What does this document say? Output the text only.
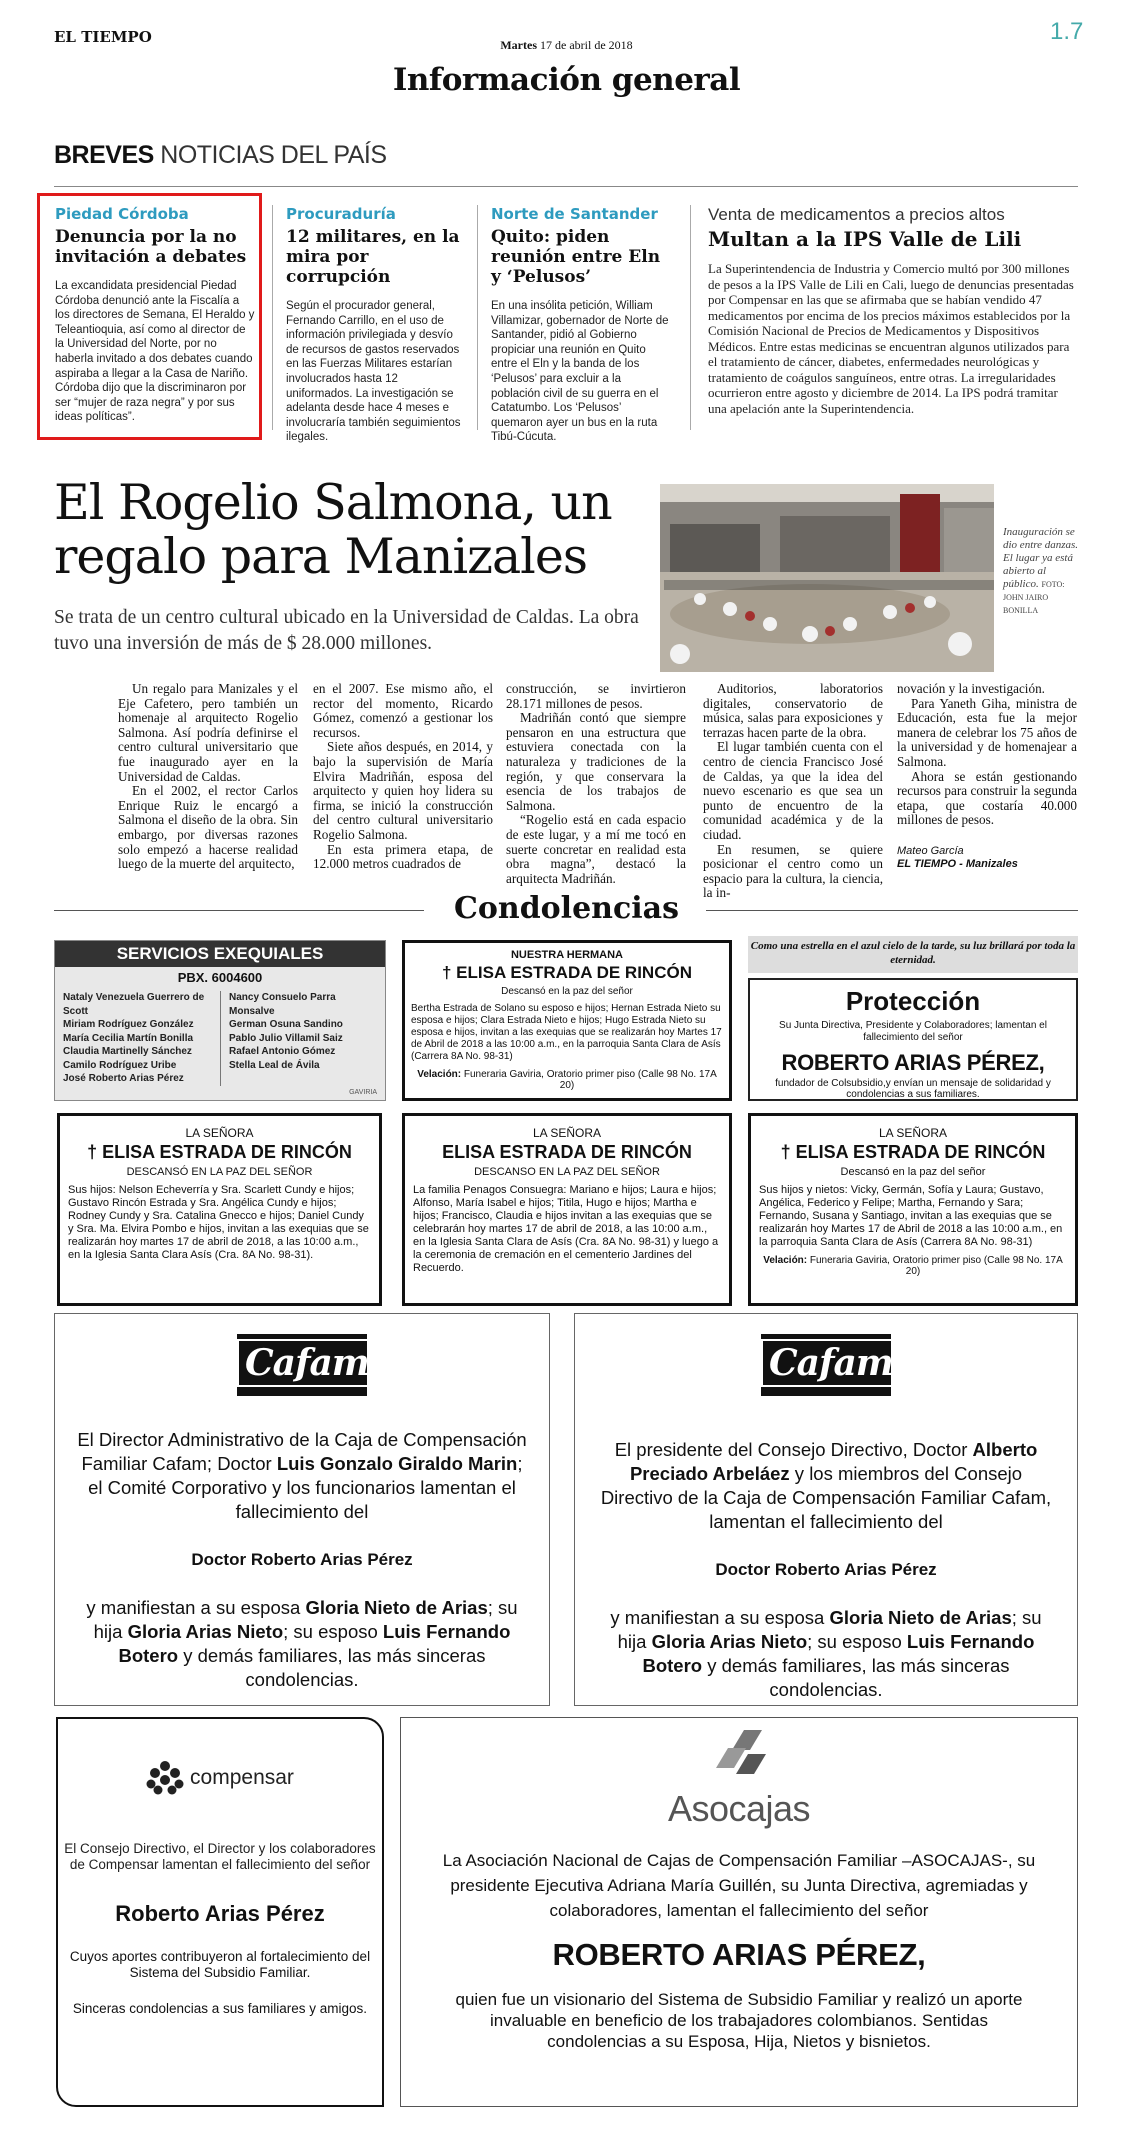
EL TIEMPO	Martes 17 de abril de 2018	1.7
Información general
BREVES NOTICIAS DEL PAÍS
Piedad Córdoba
Denuncia por la no invitación a debates
La excandidata presidencial Piedad Córdoba denunció ante la Fiscalía a los directores de Semana, El Heraldo y Teleantioquia, así como al director de la Universidad del Norte, por no haberla invitado a dos debates cuando aspiraba a llegar a la Casa de Nariño. Córdoba dijo que la discriminaron por ser “mujer de raza negra” y por sus ideas políticas”.
Procuraduría
12 militares, en la mira por corrupción
Según el procurador general, Fernando Carrillo, en el uso de información privilegiada y desvío de recursos de gastos reservados en las Fuerzas Militares estarían involucrados hasta 12 uniformados. La investigación se adelanta desde hace 4 meses e involucraría también seguimientos ilegales.
Norte de Santander
Quito: piden reunión entre Eln y ‘Pelusos’
En una insólita petición, William Villamizar, gobernador de Norte de Santander, pidió al Gobierno propiciar una reunión en Quito entre el Eln y la banda de los ‘Pelusos’ para excluir a la población civil de su guerra en el Catatumbo. Los ‘Pelusos’ quemaron ayer un bus en la ruta Tibú-Cúcuta.
Venta de medicamentos a precios altos
Multan a la IPS Valle de Lili
La Superintendencia de Industria y Comercio multó por 300 millones de pesos a la IPS Valle de Lili en Cali, luego de denuncias presentadas por Compensar en las que se afirmaba que se habían vendido 47 medicamentos por encima de los precios máximos establecidos por la Comisión Nacional de Precios de Medicamentos y Dispositivos Médicos. Entre estas medicinas se encuentran algunos utilizados para el tratamiento de cáncer, diabetes, enfermedades neurológicas y tratamiento de coágulos sanguíneos, entre otras. La irregularidades ocurrieron entre agosto y diciembre de 2014. La IPS podrá tramitar una apelación ante la Superintendencia.
El Rogelio Salmona, un regalo para Manizales
Se trata de un centro cultural ubicado en la Universidad de Caldas. La obra tuvo una inversión de más de $ 28.000 millones.
Inauguración se dio entre danzas. El lugar ya está abierto al público. FOTO: JOHN JAIRO BONILLA

Un regalo para Manizales y el Eje Cafetero, pero también un homenaje al arquitecto Rogelio Salmona. Así podría definirse el centro cultural universitario que fue inaugurado ayer en la Universidad de Caldas.

En el 2002, el rector Carlos Enrique Ruiz le encargó a Salmona el diseño de la obra. Sin embargo, por diversas razones solo empezó a hacerse realidad luego de la muerte del arquitecto,

en el 2007. Ese mismo año, el rector del momento, Ricardo Gómez, comenzó a gestionar los recursos.

Siete años después, en 2014, y bajo la supervisión de María Elvira Madriñán, esposa del arquitecto y quien hoy lidera su firma, se inició la construcción del centro cultural universitario Rogelio Salmona.

En esta primera etapa, de 12.000 metros cuadrados de

construcción, se invirtieron 28.171 millones de pesos.

Madriñán contó que siempre pensaron en una estructura que estuviera conectada con la naturaleza y tradiciones de la región, y que conservara la esencia de los trabajos de Salmona.

“Rogelio está en cada espacio de este lugar, y a mí me tocó en suerte concretar en realidad esta obra magna”, destacó la arquitecta Madriñán.

Auditorios, laboratorios digitales, conservatorio de música, salas para exposiciones y terrazas hacen parte de la obra.

El lugar también cuenta con el centro de ciencia Francisco José de Caldas, ya que la idea del nuevo escenario es que sea un punto de encuentro de la comunidad académica y de la ciudad.

En resumen, se quiere posicionar el centro como un espacio para la cultura, la ciencia, la in-

novación y la investigación.

Para Yaneth Giha, ministra de Educación, esta fue la mejor manera de celebrar los 75 años de la universidad y de homenajear a Salmona.

Ahora se están gestionando recursos para construir la segunda etapa, que costaría 40.000 millones de pesos.

Mateo García
EL TIEMPO - Manizales
Condolencias
SERVICIOS EXEQUIALES
PBX. 6004600
Nataly Venezuela Guerrero de Scott
Miriam Rodríguez González
María Cecilia Martín Bonilla
Claudia Martinelly Sánchez
Camilo Rodríguez Uribe
José Roberto Arias Pérez
Nancy Consuelo Parra Monsalve
German Osuna Sandino
Pablo Julio Villamil Saiz
Rafael Antonio Gómez
Stella Leal de Ávila
GAVIRIA
NUESTRA HERMANA
† ELISA ESTRADA DE RINCÓN
Descansó en la paz del señor
Bertha Estrada de Solano su esposo e hijos; Hernan Estrada Nieto su esposa e hijos; Clara Estrada Nieto e hijos; Hugo Estrada Nieto su esposa e hijos, invitan a las exequias que se realizarán hoy Martes 17 de Abril de 2018 a las 10:00 a.m., en la parroquia Santa Clara de Asís (Carrera 8A No. 98-31)
Velación: Funeraria Gaviria, Oratorio primer piso (Calle 98 No. 17A 20)
Como una estrella en el azul cielo de la tarde, su luz brillará por toda la eternidad.
Protección
Su Junta Directiva, Presidente y Colaboradores; lamentan el fallecimiento del señor
ROBERTO ARIAS PÉREZ,
fundador de Colsubsidio,y envían un mensaje de solidaridad y condolencias a sus familiares.
LA SEÑORA
† ELISA ESTRADA DE RINCÓN
DESCANSÓ EN LA PAZ DEL SEÑOR
Sus hijos: Nelson Echeverría y Sra. Scarlett Cundy e hijos; Gustavo Rincón Estrada y Sra. Angélica Cundy e hijos; Rodney Cundy y Sra. Catalina Gnecco e hijos; Daniel Cundy y Sra. Ma. Elvira Pombo e hijos, invitan a las exequias que se realizarán hoy martes 17 de abril de 2018, a las 10:00 a.m., en la Iglesia Santa Clara Asís (Cra. 8A No. 98-31).
LA SEÑORA
ELISA ESTRADA DE RINCÓN
DESCANSO EN LA PAZ DEL SEÑOR
La familia Penagos Consuegra: Mariano e hijos; Laura e hijos; Alfonso, María Isabel e hijos; Titila, Hugo e hijos; Martha e hijos; Francisco, Claudia e hijos invitan a las exequias que se celebrarán hoy martes 17 de abril de 2018, a las 10:00 a.m., en la Iglesia Santa Clara de Asís (Cra. 8A No. 98-31) y luego a la ceremonia de cremación en el cementerio Jardines del Recuerdo.
LA SEÑORA
† ELISA ESTRADA DE RINCÓN
Descansó en la paz del señor
Sus hijos y nietos: Vicky, Germán, Sofía y Laura; Gustavo, Angélica, Federico y Felipe; Martha, Fernando y Sara; Fernando, Susana y Santiago, invitan a las exequias que se realizarán hoy Martes 17 de Abril de 2018 a las 10:00 a.m., en la parroquia Santa Clara de Asís (Carrera 8A No. 98-31)
Velación: Funeraria Gaviria, Oratorio primer piso (Calle 98 No. 17A 20)
Cafam
El Director Administrativo de la Caja de Compensación Familiar Cafam; Doctor Luis Gonzalo Giraldo Marin; el Comité Corporativo y los funcionarios lamentan el fallecimiento del
Doctor Roberto Arias Pérez
y manifiestan a su esposa Gloria Nieto de Arias; su hija Gloria Arias Nieto; su esposo Luis Fernando Botero y demás familiares, las más sinceras condolencias.
Cafam
El presidente del Consejo Directivo, Doctor Alberto Preciado Arbeláez y los miembros del Consejo Directivo de la Caja de Compensación Familiar Cafam, lamentan el fallecimiento del
Doctor Roberto Arias Pérez
y manifiestan a su esposa Gloria Nieto de Arias; su hija Gloria Arias Nieto; su esposo Luis Fernando Botero y demás familiares, las más sinceras condolencias.
compensar
El Consejo Directivo, el Director y los colaboradores de Compensar lamentan el fallecimiento del señor
Roberto Arias Pérez
Cuyos aportes contribuyeron al fortalecimiento del Sistema del Subsidio Familiar.
Sinceras condolencias a sus familiares y amigos.
Asocajas
La Asociación Nacional de Cajas de Compensación Familiar –ASOCAJAS-, su presidente Ejecutiva Adriana María Guillén, su Junta Directiva, agremiadas y colaboradores, lamentan el fallecimiento del señor
ROBERTO ARIAS PÉREZ,
quien fue un visionario del Sistema de Subsidio Familiar y realizó un aporte invaluable en beneficio de los trabajadores colombianos. Sentidas condolencias a su Esposa, Hija, Nietos y bisnietos.
